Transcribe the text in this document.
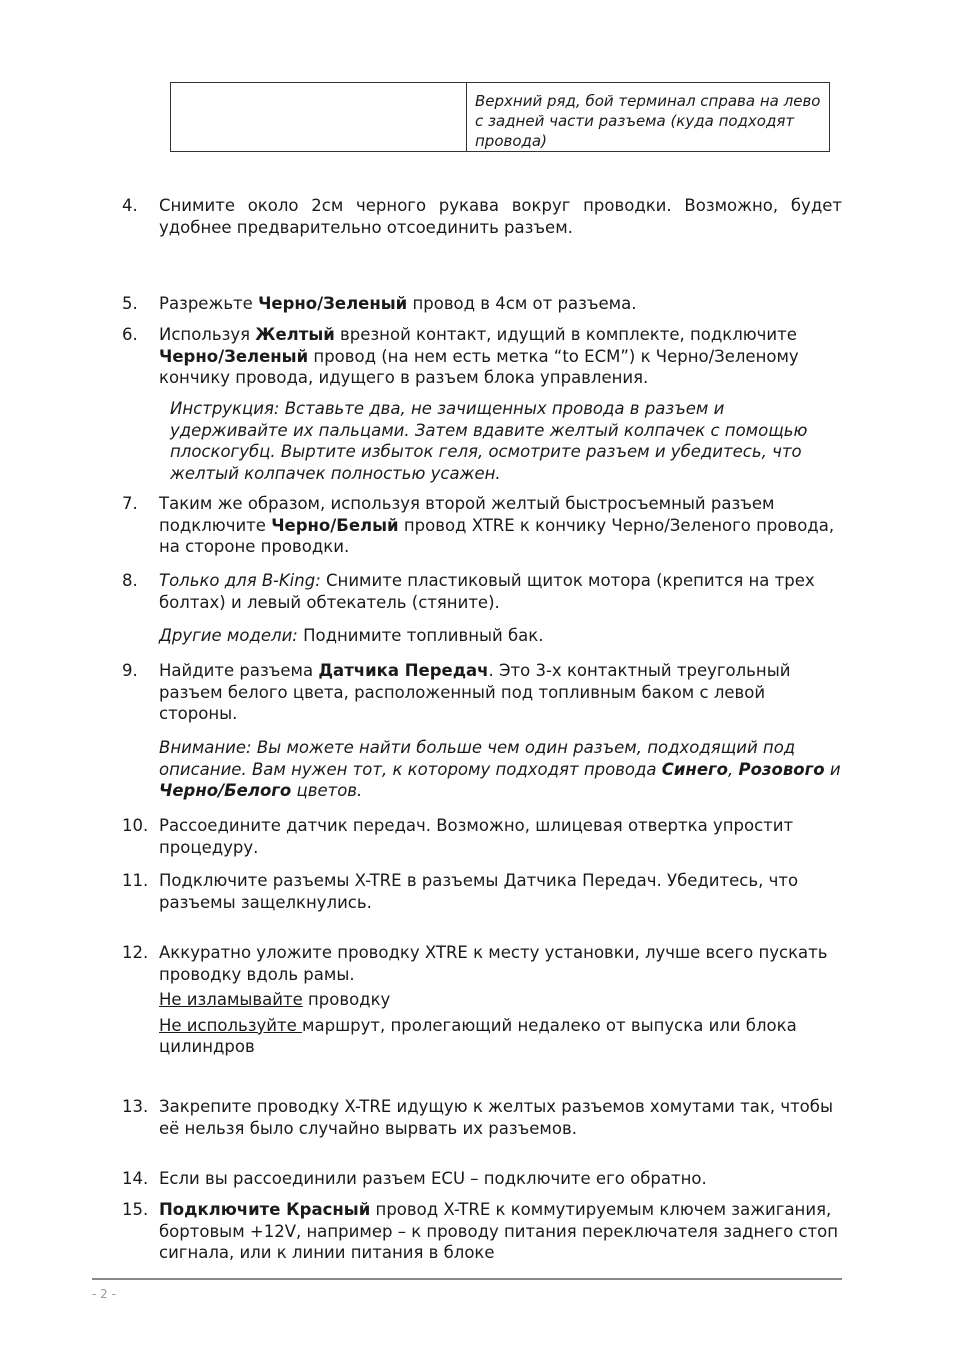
	Верхний ряд, бой терминал справа на лево с задней части разъема (куда подходят провода)
4.	Снимите около 2см черного рукава вокруг проводки. Возможно, будет удобнее предварительно отсоединить разъем.

5.	Разрежьте Черно/Зеленый провод в 4см от разъема.

6.	Используя Желтый врезной контакт, идущий в комплекте, подключите Черно/Зеленый провод (на нем есть метка “to ECM”) к Черно/Зеленому кончику провода, идущего в разъем блока управления.

Инструкция: Вставьте два, не зачищенных провода в разъем и удерживайте их пальцами. Затем вдавите желтый колпачек с помощью плоскогубц. Выртите избыток геля, осмотрите разъем и убедитесь, что желтый колпачек полностью усажен.
7.	Таким же образом, используя второй желтый быстросъемный разъем подключите Черно/Белый провод XTRE к кончику Черно/Зеленого провода, на стороне проводки.

8.	Только для B-King: Снимите пластиковый щиток мотора (крепится на трех болтах) и левый обтекатель (стяните).

Другие модели: Поднимите топливный бак.
9.	Найдите разъема Датчика Передач. Это 3-х контактный треугольный разъем белого цвета, расположенный под топливным баком с левой стороны.

Внимание: Вы можете найти больше чем один разъем, подходящий под описание. Вам нужен тот, к которому подходят провода Синего, Розового и Черно/Белого цветов.
10. Рассоедините датчик передач. Возможно, шлицевая отвертка упростит процедуру.

11. Подключите разъемы X-TRE в разъемы Датчика Передач. Убедитесь, что разъемы защелкнулись.

12. Аккуратно уложите проводку XTRE к месту установки, лучше всего пускать проводку вдоль рамы.

Не изламывайте проводку

Не используйте маршрут, пролегающий недалеко от выпуска или блока цилиндров

13. Закрепите проводку X-TRE идущую к желтых разъемов хомутами так, чтобы её нельзя было случайно вырвать их разъемов.

14. Если вы рассоединили разъем ECU – подключите его обратно.

15. Подключите Красный провод X-TRE к коммутируемым ключем зажигания, бортовым +12V, например – к проводу питания переключателя заднего стоп сигнала, или к линии питания в блоке

- 2 -
